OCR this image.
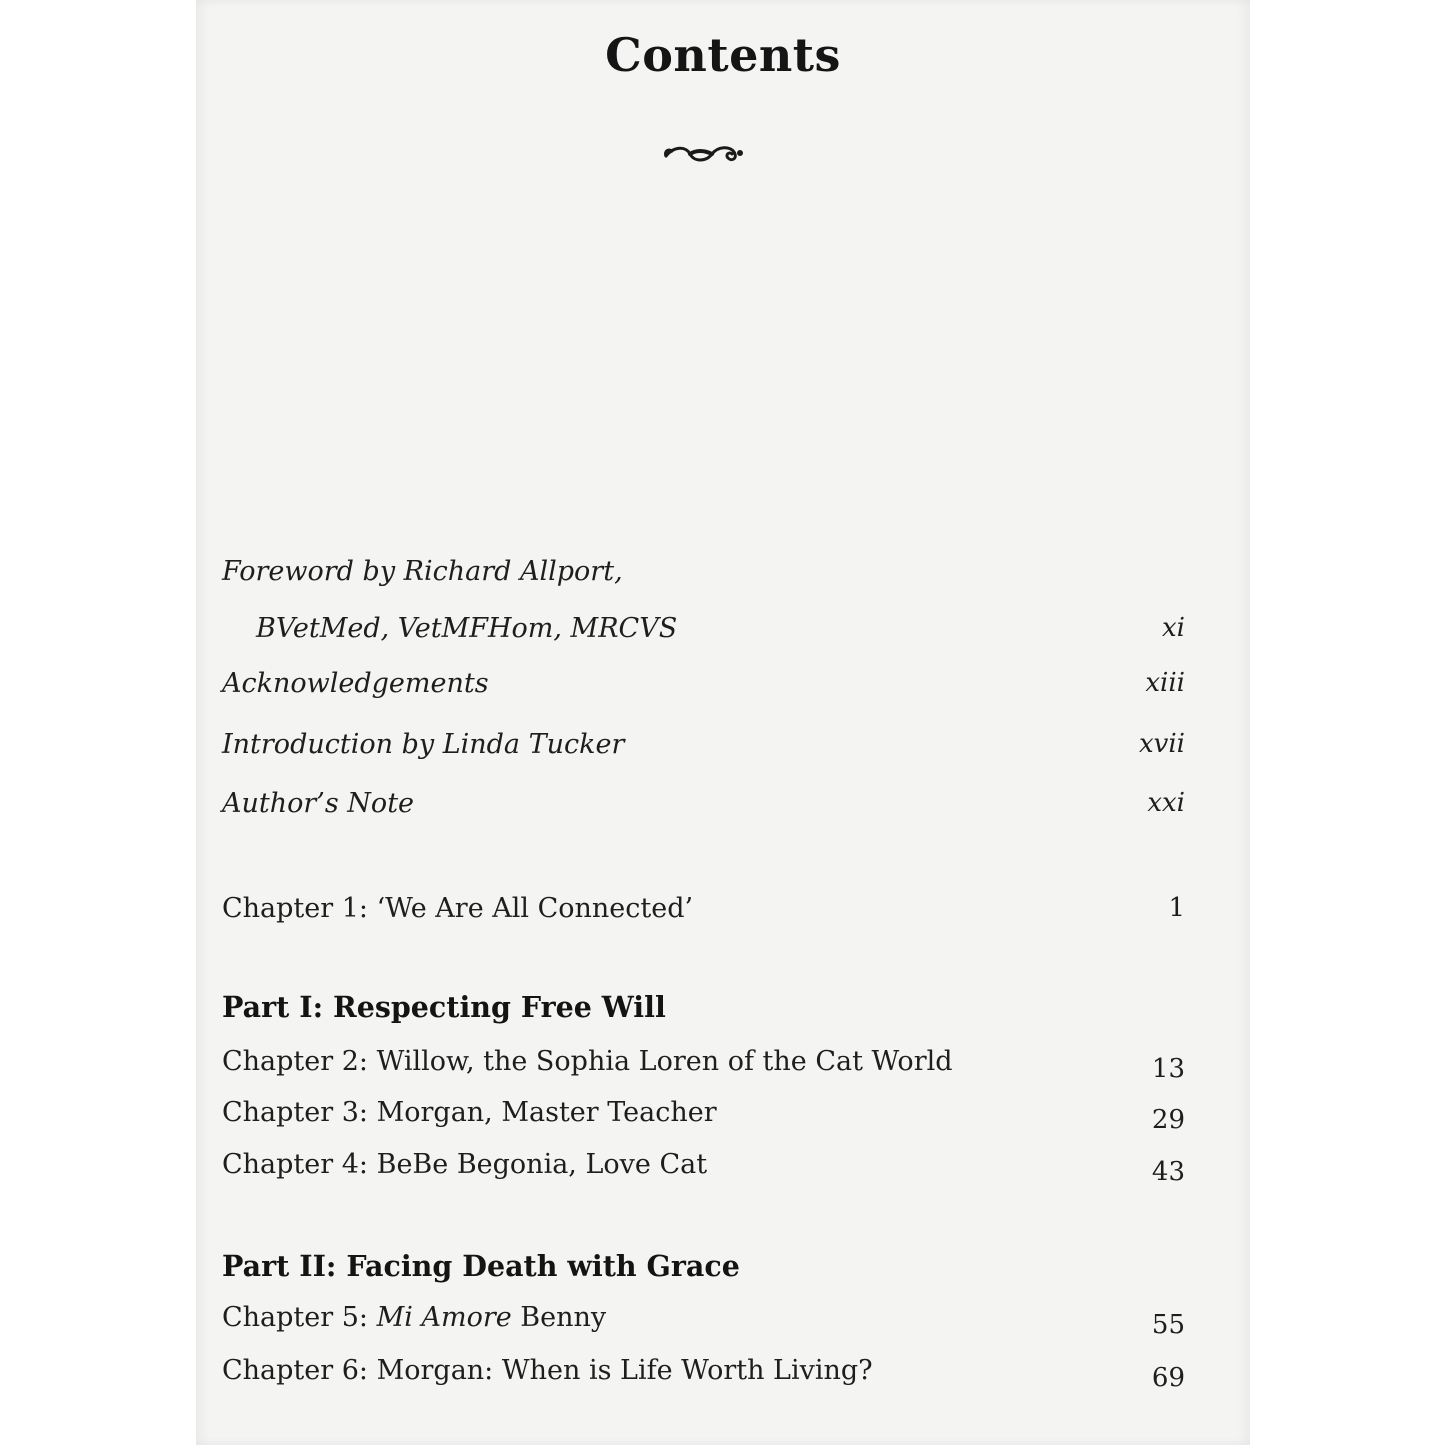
Contents
Foreword by Richard Allport,
BVetMed, VetMFHom, MRCVS	xi
Acknowledgements	xiii
Introduction by Linda Tucker	xvii
Author’s Note	xxi
Chapter 1: ‘We Are All Connected’	1
Part I: Respecting Free Will
Chapter 2: Willow, the Sophia Loren of the Cat World	13
Chapter 3: Morgan, Master Teacher	29
Chapter 4: BeBe Begonia, Love Cat	43
Part II: Facing Death with Grace
Chapter 5: Mi Amore Benny	55
Chapter 6: Morgan: When is Life Worth Living?	69
